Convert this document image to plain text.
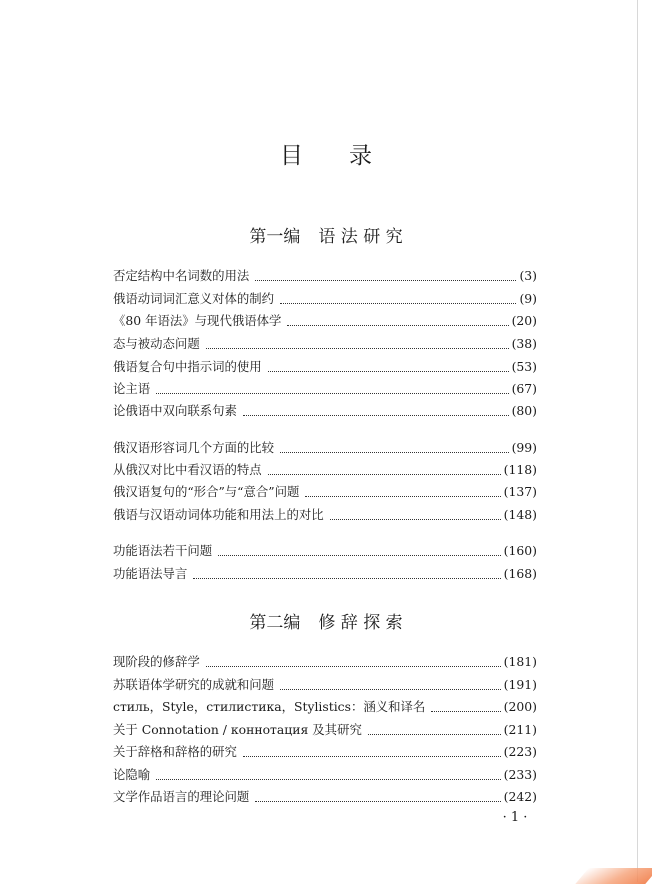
目 录
第一编 语 法 研 究
否定结构中名词数的用法	(3)
俄语动词词汇意义对体的制约	(9)
《80 年语法》与现代俄语体学	(20)
态与被动态问题	(38)
俄语复合句中指示词的使用	(53)
论主语	(67)
论俄语中双向联系句素	(80)
俄汉语形容词几个方面的比较	(99)
从俄汉对比中看汉语的特点	(118)
俄汉语复句的“形合”与“意合”问题	(137)
俄语与汉语动词体功能和用法上的对比	(148)
功能语法若干问题	(160)
功能语法导言	(168)
第二编 修 辞 探 索
现阶段的修辞学	(181)
苏联语体学研究的成就和问题	(191)
стиль，Style，стилистика，Stylistics：涵义和译名	(200)
关于 Connotation / коннотация 及其研究	(211)
关于辞格和辞格的研究	(223)
论隐喻	(233)
文学作品语言的理论问题	(242)
· 1 ·
